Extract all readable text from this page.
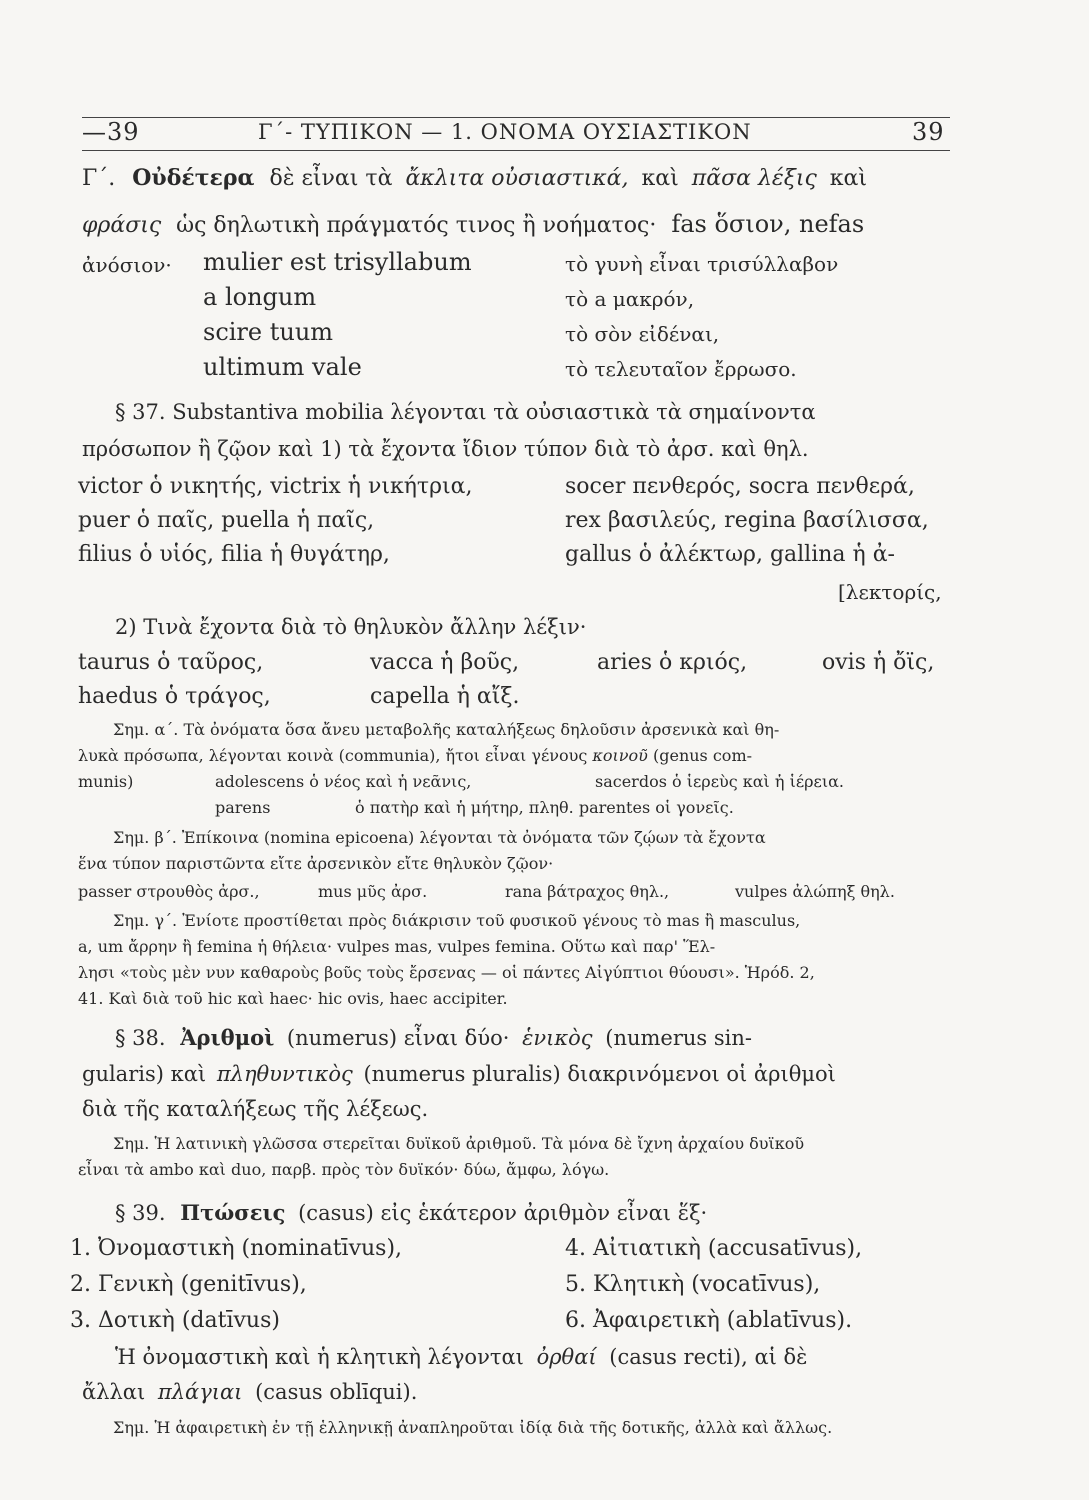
—39	Γ΄- ΤΥΠΙΚΟΝ — 1. ΟΝΟΜΑ ΟΥΣΙΑΣΤΙΚΟΝ	39
Γ΄. Οὐδέτερα δὲ εἶναι τὰ ἄκλιτα οὐσιαστικά, καὶ πᾶσα λέξις καὶ
φράσις ὡς δηλωτικὴ πράγματός τινος ἢ νοήματος· fas ὅσιον, nefas
ἀνόσιον· mulier est trisyllabum	τὸ γυνὴ εἶναι τρισύλλαβον
a longum	τὸ a μακρόν,
scire tuum	τὸ σὸν εἰδέναι,
ultimum vale	τὸ τελευταῖον ἔρρωσο.
§ 37. Substantiva mobilia λέγονται τὰ οὐσιαστικὰ τὰ σημαίνοντα
πρόσωπον ἢ ζῷον καὶ 1) τὰ ἔχοντα ἴδιον τύπον διὰ τὸ ἀρσ. καὶ θηλ.
victor ὁ νικητής, victrix ἡ νικήτρια,	socer πενθερός, socra πενθερά,
puer ὁ παῖς, puella ἡ παῖς,	rex βασιλεύς, regina βασίλισσα,
filius ὁ υἱός, filia ἡ θυγάτηρ,	gallus ὁ ἀλέκτωρ, gallina ἡ ἀ-
[λεκτορίς,
2) Τινὰ ἔχοντα διὰ τὸ θηλυκὸν ἄλλην λέξιν·
taurus ὁ ταῦρος,	vacca ἡ βοῦς,	aries ὁ κριός,	ovis ἡ ὄϊς,
haedus ὁ τράγος,	capella ἡ αἴξ.
Σημ. α΄. Τὰ ὀνόματα ὅσα ἄνευ μεταβολῆς καταλήξεως δηλοῦσιν ἀρσενικὰ καὶ θη-
λυκὰ πρόσωπα, λέγονται κοινὰ (communia), ἤτοι εἶναι γένους κοινοῦ (genus com-
munis)	adolescens ὁ νέος καὶ ἡ νεᾶνις,	sacerdos ὁ ἱερεὺς καὶ ἡ ἱέρεια.
parens	ὁ πατὴρ καὶ ἡ μήτηρ, πληθ. parentes οἱ γονεῖς.
Σημ. β΄. Ἐπίκοινα (nomina epicoena) λέγονται τὰ ὀνόματα τῶν ζῴων τὰ ἔχοντα
ἕνα τύπον παριστῶντα εἴτε ἀρσενικὸν εἴτε θηλυκὸν ζῷον·
passer στρουθὸς ἀρσ.,	mus μῦς ἀρσ.	rana βάτραχος θηλ.,	vulpes ἀλώπηξ θηλ.
Σημ. γ΄. Ἐνίοτε προστίθεται πρὸς διάκρισιν τοῦ φυσικοῦ γένους τὸ mas ἢ masculus,
a, um ἄρρην ἢ femina ἡ θήλεια· vulpes mas, vulpes femina. Οὕτω καὶ παρ' Ἕλ-
λησι «τοὺς μὲν νυν καθαροὺς βοῦς τοὺς ἔρσενας — οἱ πάντες Αἰγύπτιοι θύουσι». Ἡρόδ. 2,
41. Καὶ διὰ τοῦ hic καὶ haec· hic ovis, haec accipiter.
§ 38. Ἀριθμοὶ (numerus) εἶναι δύο· ἑνικὸς (numerus sin-
gularis) καὶ πληθυντικὸς (numerus pluralis) διακρινόμενοι οἱ ἀριθμοὶ
διὰ τῆς καταλήξεως τῆς λέξεως.
Σημ. Ἡ λατινικὴ γλῶσσα στερεῖται δυϊκοῦ ἀριθμοῦ. Τὰ μόνα δὲ ἴχνη ἀρχαίου δυϊκοῦ
εἶναι τὰ ambo καὶ duo, παρβ. πρὸς τὸν δυϊκόν· δύω, ἄμφω, λόγω.
§ 39. Πτώσεις (casus) εἰς ἑκάτερον ἀριθμὸν εἶναι ἕξ·
1. Ὀνομαστικὴ (nominatīvus),	4. Αἰτιατικὴ (accusatīvus),
2. Γενικὴ (genitīvus),	5. Κλητικὴ (vocatīvus),
3. Δοτικὴ (datīvus)	6. Ἀφαιρετικὴ (ablatīvus).
Ἡ ὀνομαστικὴ καὶ ἡ κλητικὴ λέγονται ὀρθαί (casus recti), αἱ δὲ
ἄλλαι πλάγιαι (casus oblīqui).
Σημ. Ἡ ἀφαιρετικὴ ἐν τῇ ἑλληνικῇ ἀναπληροῦται ἰδίᾳ διὰ τῆς δοτικῆς, ἀλλὰ καὶ ἄλλως.
